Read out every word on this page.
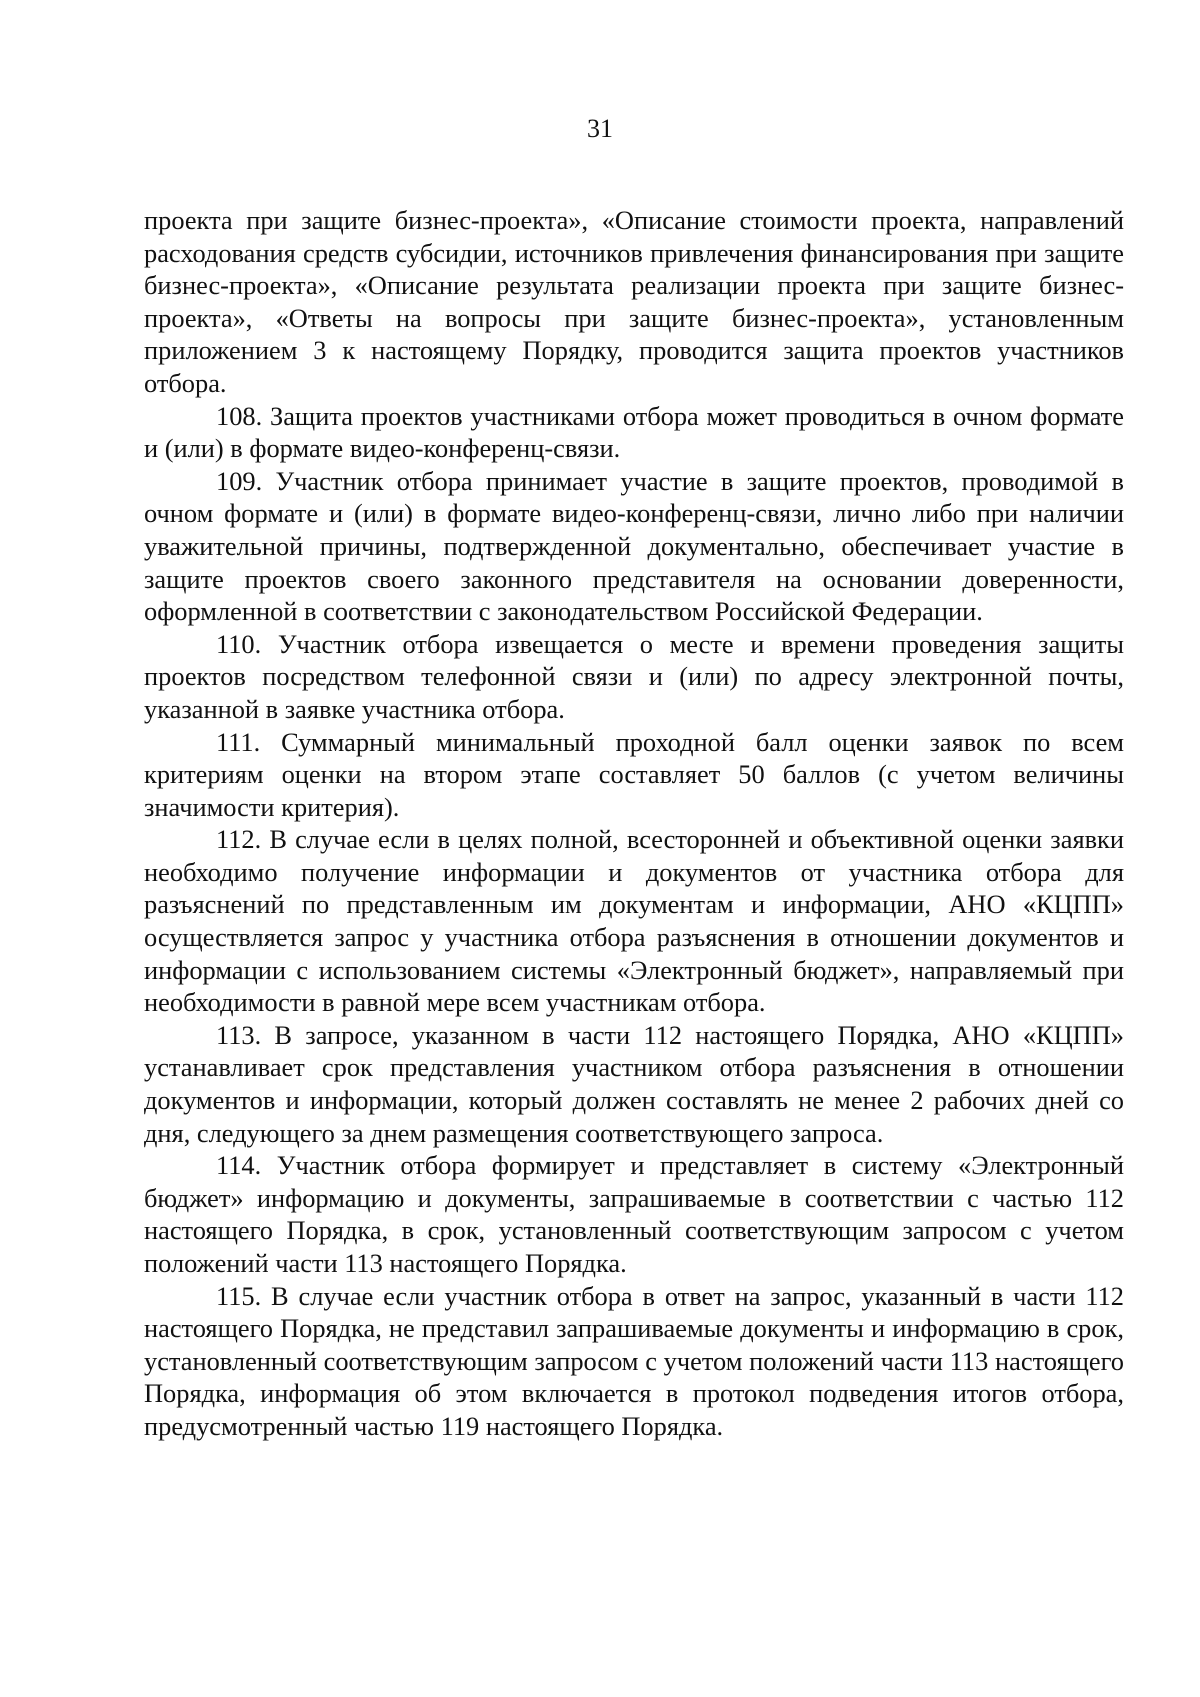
31

проекта при защите бизнес-проекта», «Описание стоимости проекта, направлений расходования средств субсидии, источников привлечения финансирования при защите бизнес-проекта», «Описание результата реализации проекта при защите бизнес-проекта», «Ответы на вопросы при защите бизнес-проекта», установленным приложением 3 к настоящему Порядку, проводится защита проектов участников отбора.

108. Защита проектов участниками отбора может проводиться в очном формате и (или) в формате видео-конференц-связи.

109. Участник отбора принимает участие в защите проектов, проводимой в очном формате и (или) в формате видео-конференц-связи, лично либо при наличии уважительной причины, подтвержденной документально, обеспечивает участие в защите проектов своего законного представителя на основании доверенности, оформленной в соответствии с законодательством Российской Федерации.

110. Участник отбора извещается о месте и времени проведения защиты проектов посредством телефонной связи и (или) по адресу электронной почты, указанной в заявке участника отбора.

111. Суммарный минимальный проходной балл оценки заявок по всем критериям оценки на втором этапе составляет 50 баллов (с учетом величины значимости критерия).

112. В случае если в целях полной, всесторонней и объективной оценки заявки необходимо получение информации и документов от участника отбора для разъяснений по представленным им документам и информации, АНО «КЦПП» осуществляется запрос у участника отбора разъяснения в отношении документов и информации с использованием системы «Электронный бюджет», направляемый при необходимости в равной мере всем участникам отбора.

113. В запросе, указанном в части 112 настоящего Порядка, АНО «КЦПП» устанавливает срок представления участником отбора разъяснения в отношении документов и информации, который должен составлять не менее 2 рабочих дней со дня, следующего за днем размещения соответствующего запроса.

114. Участник отбора формирует и представляет в систему «Электронный бюджет» информацию и документы, запрашиваемые в соответствии с частью 112 настоящего Порядка, в срок, установленный соответствующим запросом с учетом положений части 113 настоящего Порядка.

115. В случае если участник отбора в ответ на запрос, указанный в части 112 настоящего Порядка, не представил запрашиваемые документы и информацию в срок, установленный соответствующим запросом с учетом положений части 113 настоящего Порядка, информация об этом включается в протокол подведения итогов отбора, предусмотренный частью 119 настоящего Порядка.
